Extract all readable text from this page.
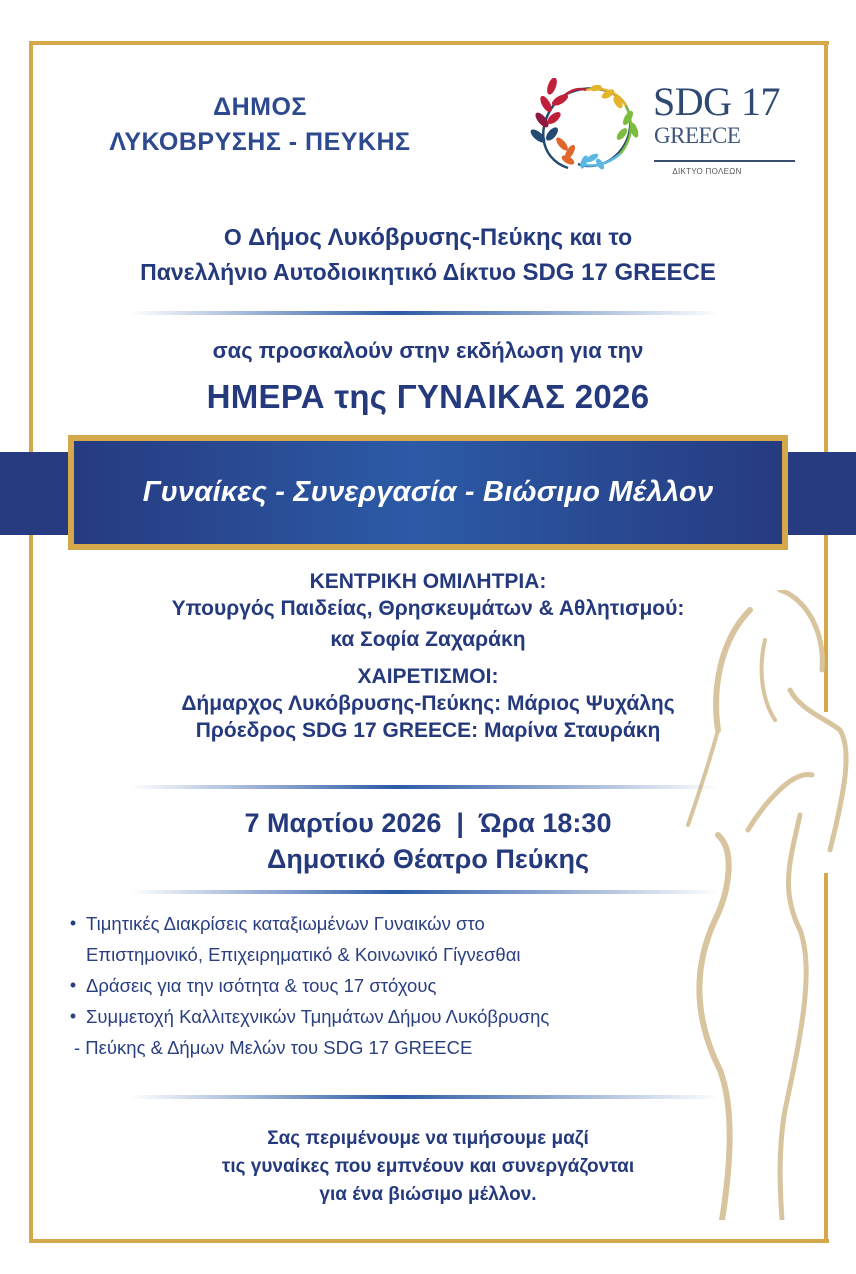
ΔΗΜΟΣ
ΛΥΚΟΒΡΥΣΗΣ - ΠΕΥΚΗΣ
SDG 17
GREECE
ΔΙΚΤΥΟ ΠΟΛΕΩΝ
Ο Δήμος Λυκόβρυσης-Πεύκης και το
Πανελλήνιο Αυτοδιοικητικό Δίκτυο SDG 17 GREECE
σας προσκαλούν στην εκδήλωση για την
ΗΜΕΡΑ της ΓΥΝΑΙΚΑΣ 2026
Γυναίκες - Συνεργασία - Βιώσιμο Μέλλον
ΚΕΝΤΡΙΚΗ ΟΜΙΛΗΤΡΙΑ:
Υπουργός Παιδείας, Θρησκευμάτων & Αθλητισμού:
κα Σοφία Ζαχαράκη
ΧΑΙΡΕΤΙΣΜΟΙ:
Δήμαρχος Λυκόβρυσης-Πεύκης: Μάριος Ψυχάλης
Πρόεδρος SDG 17 GREECE: Μαρίνα Σταυράκη
7 Μαρτίου 2026  |  Ώρα 18:30
Δημοτικό Θέατρο Πεύκης
• Τιμητικές Διακρίσεις καταξιωμένων Γυναικών στο
Επιστημονικό, Επιχειρηματικό & Κοινωνικό Γίγνεσθαι
• Δράσεις για την ισότητα & τους 17 στόχους
• Συμμετοχή Καλλιτεχνικών Τμημάτων Δήμου Λυκόβρυσης
- Πεύκης & Δήμων Μελών του SDG 17 GREECE
Σας περιμένουμε να τιμήσουμε μαζί
τις γυναίκες που εμπνέουν και συνεργάζονται
για ένα βιώσιμο μέλλον.
